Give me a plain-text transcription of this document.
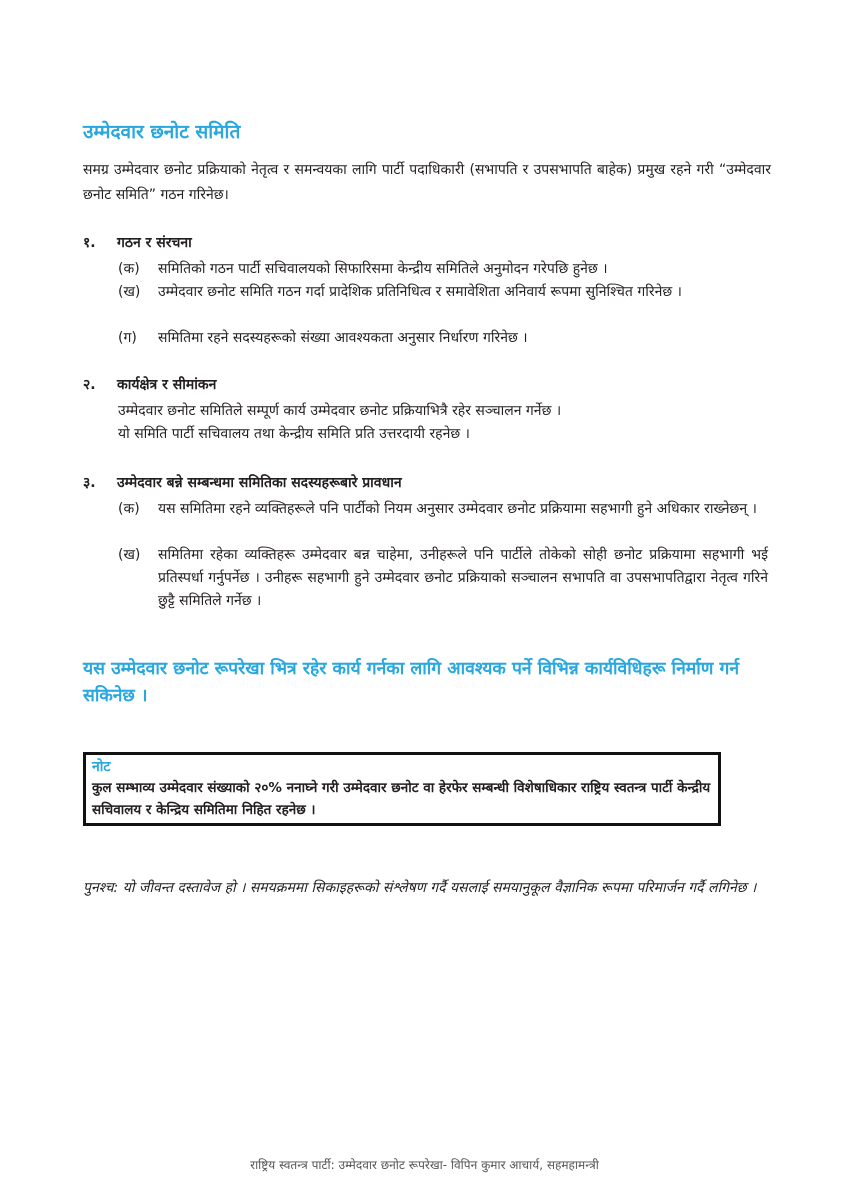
उम्मेदवार छनोट समिति
समग्र उम्मेदवार छनोट प्रक्रियाको नेतृत्व र समन्वयका लागि पार्टी पदाधिकारी (सभापति र उपसभापति बाहेक) प्रमुख रहने गरी “उम्मेदवार छनोट समिति” गठन गरिनेछ।
१. गठन र संरचना
(क)	समितिको गठन पार्टी सचिवालयको सिफारिसमा केन्द्रीय समितिले अनुमोदन गरेपछि हुनेछ ।
(ख)	उम्मेदवार छनोट समिति गठन गर्दा प्रादेशिक प्रतिनिधित्व र समावेशिता अनिवार्य रूपमा सुनिश्चित गरिनेछ ।
(ग)	समितिमा रहने सदस्यहरूको संख्या आवश्यकता अनुसार निर्धारण गरिनेछ ।
२. कार्यक्षेत्र र सीमांकन
उम्मेदवार छनोट समितिले सम्पूर्ण कार्य उम्मेदवार छनोट प्रक्रियाभित्रै रहेर सञ्चालन गर्नेछ ।
यो समिति पार्टी सचिवालय तथा केन्द्रीय समिति प्रति उत्तरदायी रहनेछ ।
३. उम्मेदवार बन्ने सम्बन्धमा समितिका सदस्यहरूबारे प्रावधान
(क)	यस समितिमा रहने व्यक्तिहरूले पनि पार्टीको नियम अनुसार उम्मेदवार छनोट प्रक्रियामा सहभागी हुने अधिकार राख्नेछन् ।
(ख)	समितिमा रहेका व्यक्तिहरू उम्मेदवार बन्न चाहेमा, उनीहरूले पनि पार्टीले तोकेको सोही छनोट प्रक्रियामा सहभागी भई प्रतिस्पर्धा गर्नुपर्नेछ । उनीहरू सहभागी हुने उम्मेदवार छनोट प्रक्रियाको सञ्चालन सभापति वा उपसभापतिद्वारा नेतृत्व गरिने छुट्टै समितिले गर्नेछ ।
यस उम्मेदवार छनोट रूपरेखा भित्र रहेर कार्य गर्नका लागि आवश्यक पर्ने विभिन्न कार्यविधिहरू निर्माण गर्न सकिनेछ ।
नोट
कुल सम्भाव्य उम्मेदवार संख्याको २०% ननाघ्ने गरी उम्मेदवार छनोट वा हेरफेर सम्बन्धी विशेषाधिकार राष्ट्रिय स्वतन्त्र पार्टी केन्द्रीय सचिवालय र केन्द्रिय समितिमा निहित रहनेछ ।
पुनश्च: यो जीवन्त दस्तावेज हो । समयक्रममा सिकाइहरूको संश्लेषण गर्दै यसलाई समयानुकूल वैज्ञानिक रूपमा परिमार्जन गर्दै लगिनेछ ।
राष्ट्रिय स्वतन्त्र पार्टी: उम्मेदवार छनोट रूपरेखा- विपिन कुमार आचार्य, सहमहामन्त्री
